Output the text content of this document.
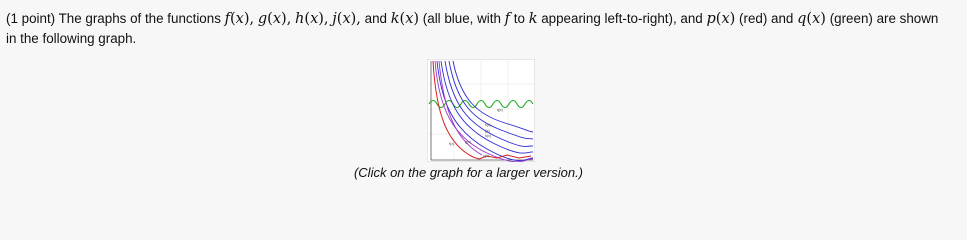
(1 point) The graphs of the functions f(x), g(x), h(x), j(x), and k(x) (all blue, with f to k appearing left-to-right), and p(x) (red) and q(x) (green) are shown
in the following graph.

q(x)
p(x)
f(x)	g(x)
h(x)
j(x)
k(x)
(Click on the graph for a larger version.)
